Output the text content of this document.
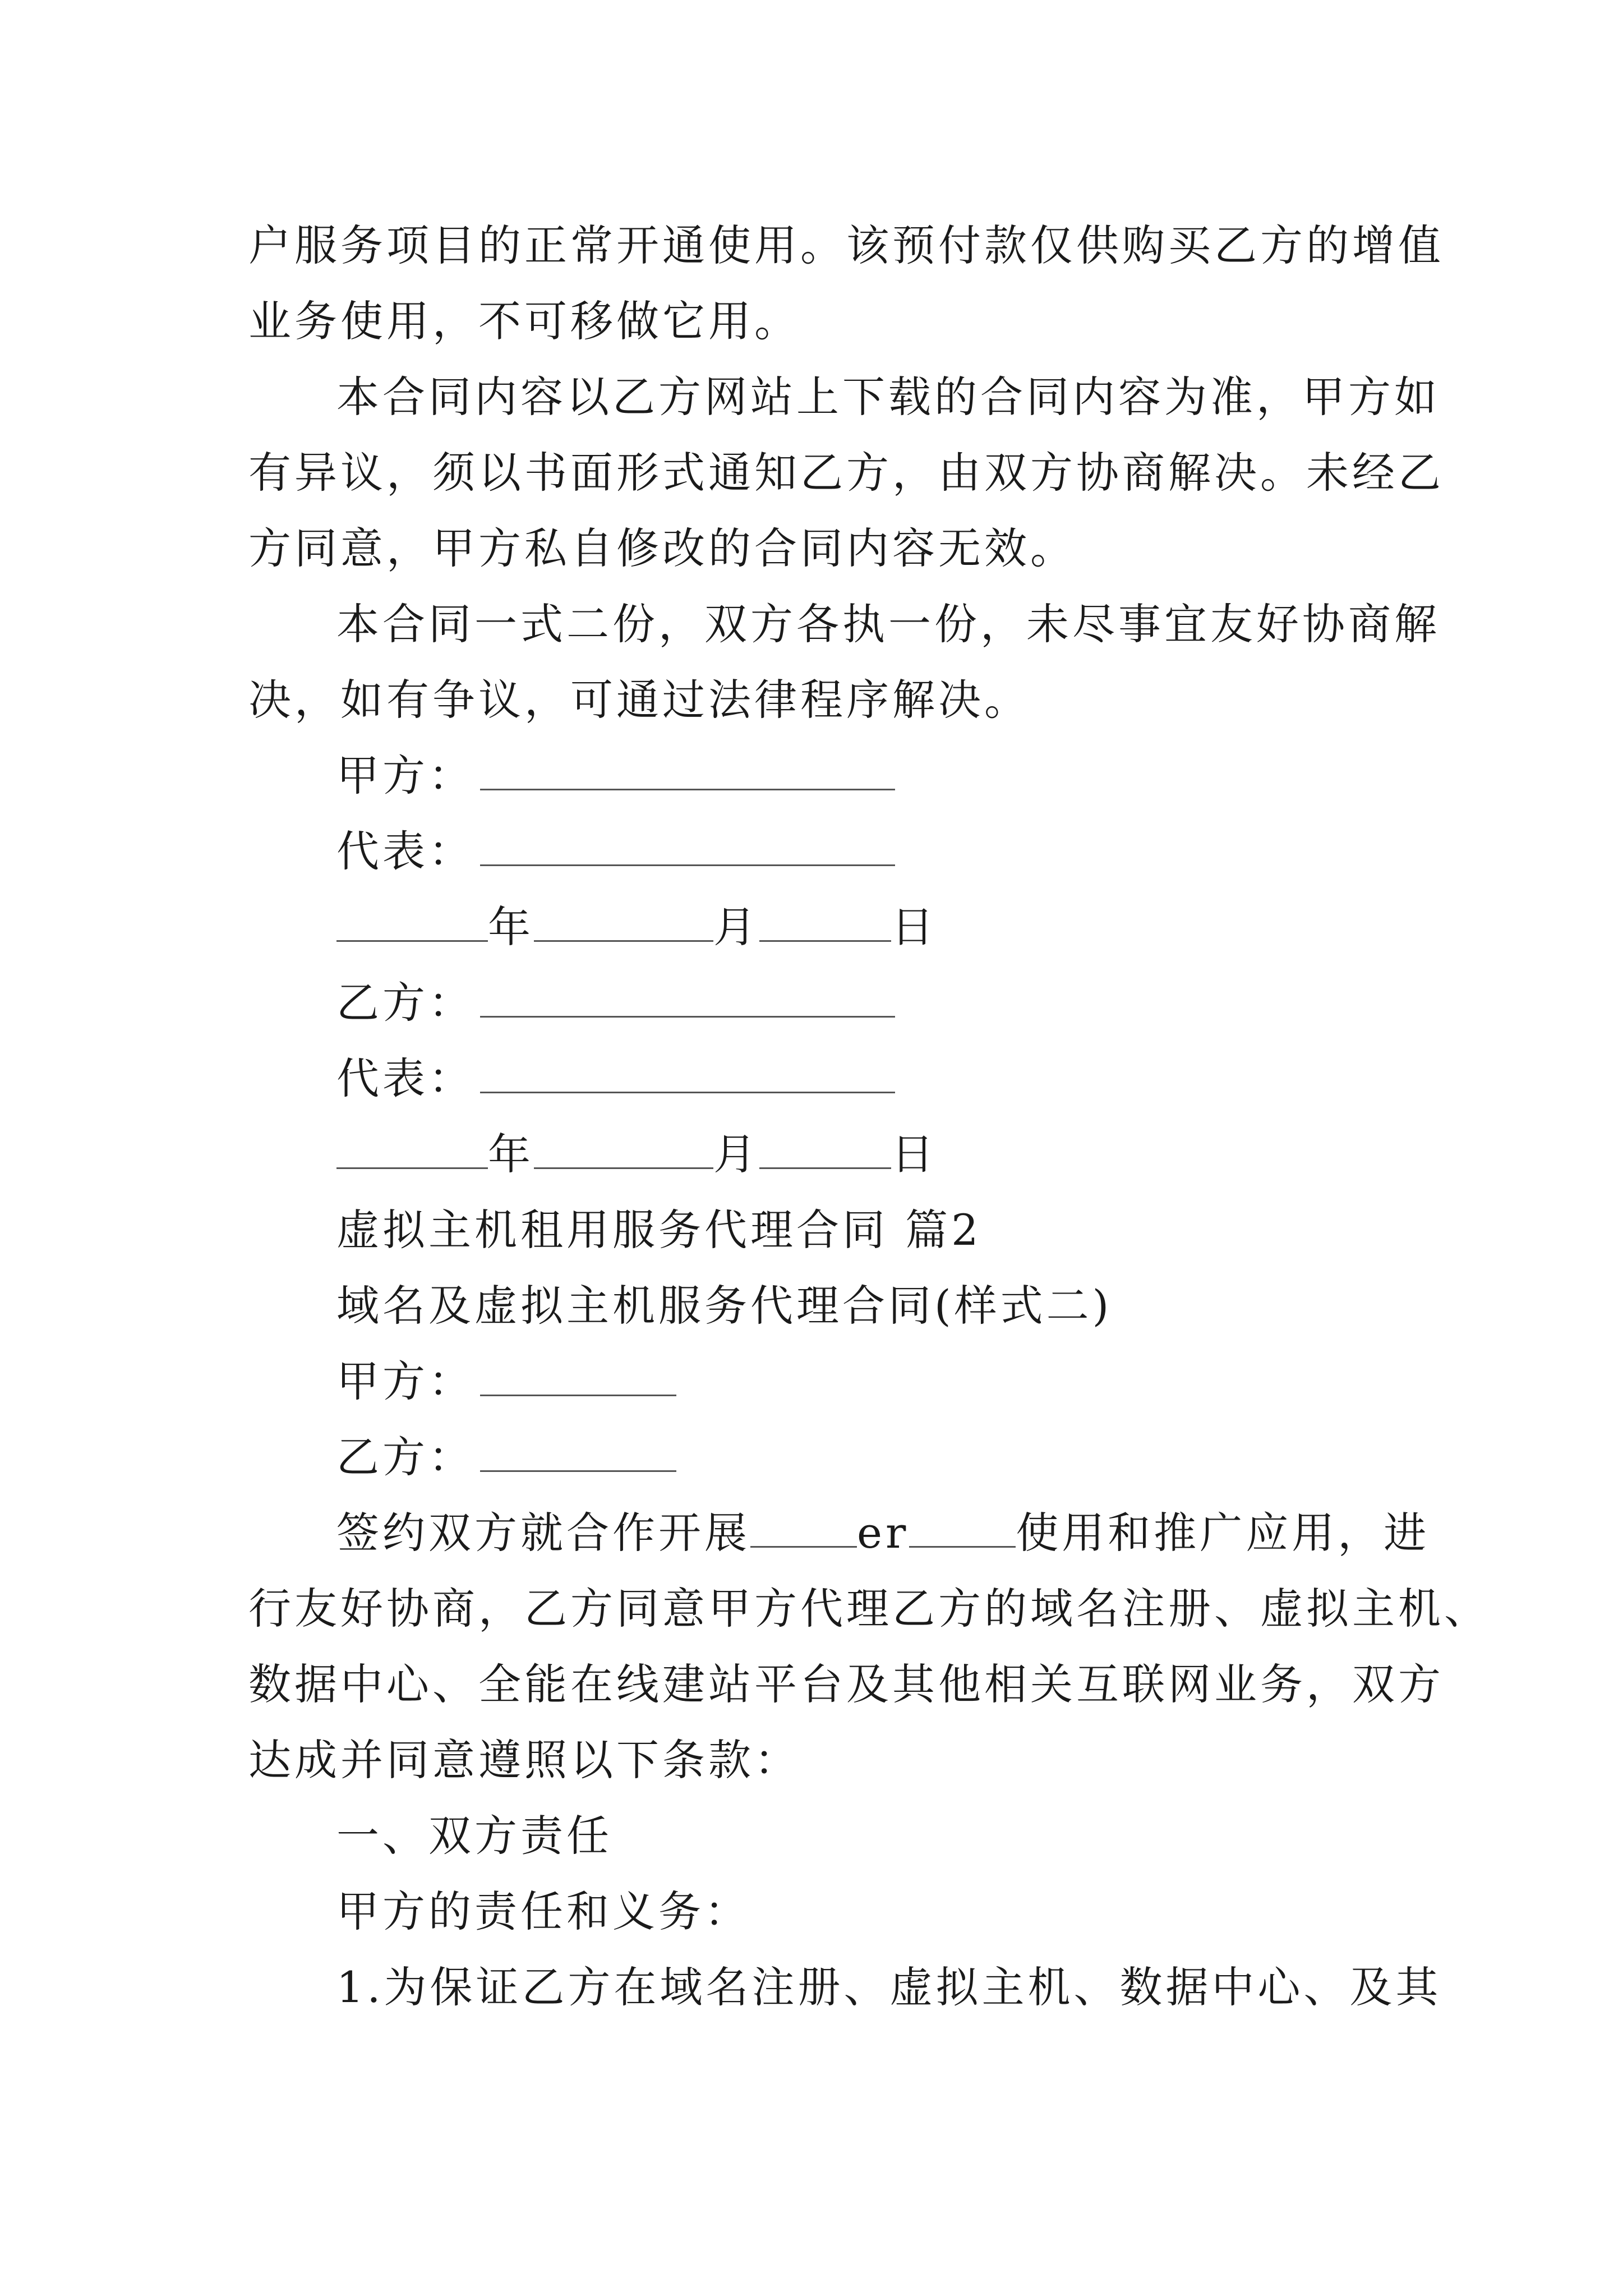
户服务项目的正常开通使用。该预付款仅供购买乙方的增值
业务使用，不可移做它用。
本合同内容以乙方网站上下载的合同内容为准，甲方如
有异议，须以书面形式通知乙方，由双方协商解决。未经乙
方同意，甲方私自修改的合同内容无效。
本合同一式二份，双方各执一份，未尽事宜友好协商解
决，如有争议，可通过法律程序解决。
甲方：
代表：
年	月	日
乙方：
代表：
年	月	日
虚拟主机租用服务代理合同 篇2
域名及虚拟主机服务代理合同(样式二)
甲方：
乙方：
签约双方就合作开展	er	使用和推广应用，进
行友好协商，乙方同意甲方代理乙方的域名注册、虚拟主机、
数据中心、全能在线建站平台及其他相关互联网业务，双方
达成并同意遵照以下条款：
一、双方责任
甲方的责任和义务：
1.为保证乙方在域名注册、虚拟主机、数据中心、及其
